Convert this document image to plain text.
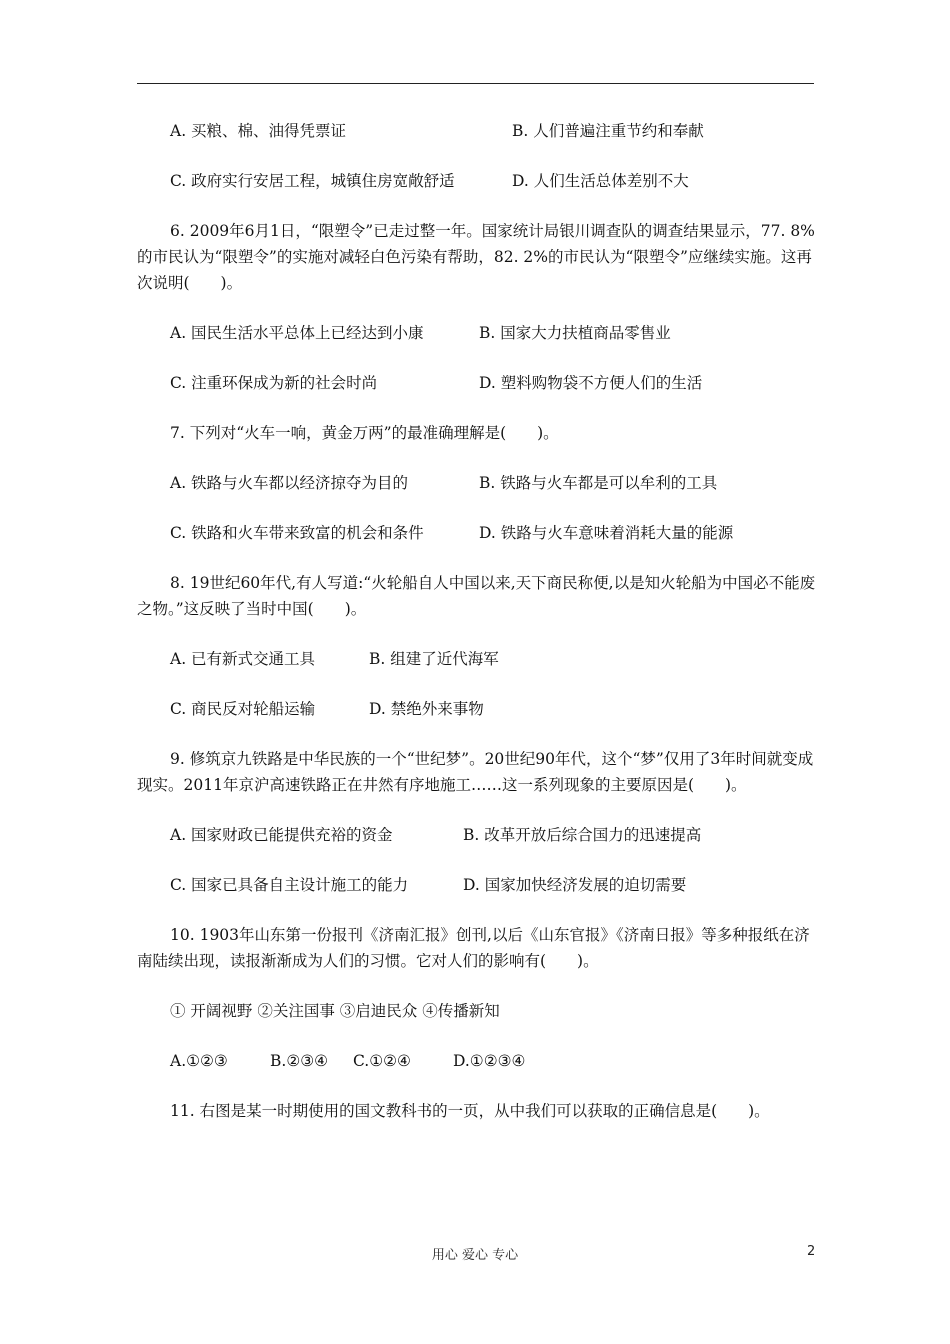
A. 买粮、棉、油得凭票证	B. 人们普遍注重节约和奉献
C. 政府实行安居工程，城镇住房宽敞舒适	D. 人们生活总体差别不大

6. 2009年6月1日，“限塑令”已走过整一年。国家统计局银川调查队的调查结果显示，77. 8%的市民认为“限塑令”的实施对减轻白色污染有帮助，82. 2%的市民认为“限塑令”应继续实施。这再次说明(　　)。

A. 国民生活水平总体上已经达到小康	B. 国家大力扶植商品零售业
C. 注重环保成为新的社会时尚	D. 塑料购物袋不方便人们的生活

7. 下列对“火车一响，黄金万两”的最准确理解是(　　)。

A. 铁路与火车都以经济掠夺为目的	B. 铁路与火车都是可以牟利的工具
C. 铁路和火车带来致富的机会和条件	D. 铁路与火车意味着消耗大量的能源

8. 19世纪60年代,有人写道:“火轮船自人中国以来,天下商民称便,以是知火轮船为中国必不能废之物。”这反映了当时中国(　　)。

A. 已有新式交通工具	B. 组建了近代海军
C. 商民反对轮船运输	D. 禁绝外来事物

9. 修筑京九铁路是中华民族的一个“世纪梦”。20世纪90年代，这个“梦”仅用了3年时间就变成现实。2011年京沪高速铁路正在井然有序地施工……这一系列现象的主要原因是(　　)。

A. 国家财政已能提供充裕的资金	B. 改革开放后综合国力的迅速提高
C. 国家已具备自主设计施工的能力	D. 国家加快经济发展的迫切需要

10. 1903年山东第一份报刊《济南汇报》创刊,以后《山东官报》《济南日报》等多种报纸在济南陆续出现，读报渐渐成为人们的习惯。它对人们的影响有(　　)。

① 开阔视野 ②关注国事 ③启迪民众 ④传播新知
A.①②③	B.②③④ C.①②④	D.①②③④

11. 右图是某一时期使用的国文教科书的一页，从中我们可以获取的正确信息是(　　)。

用心 爱心 专心	2
